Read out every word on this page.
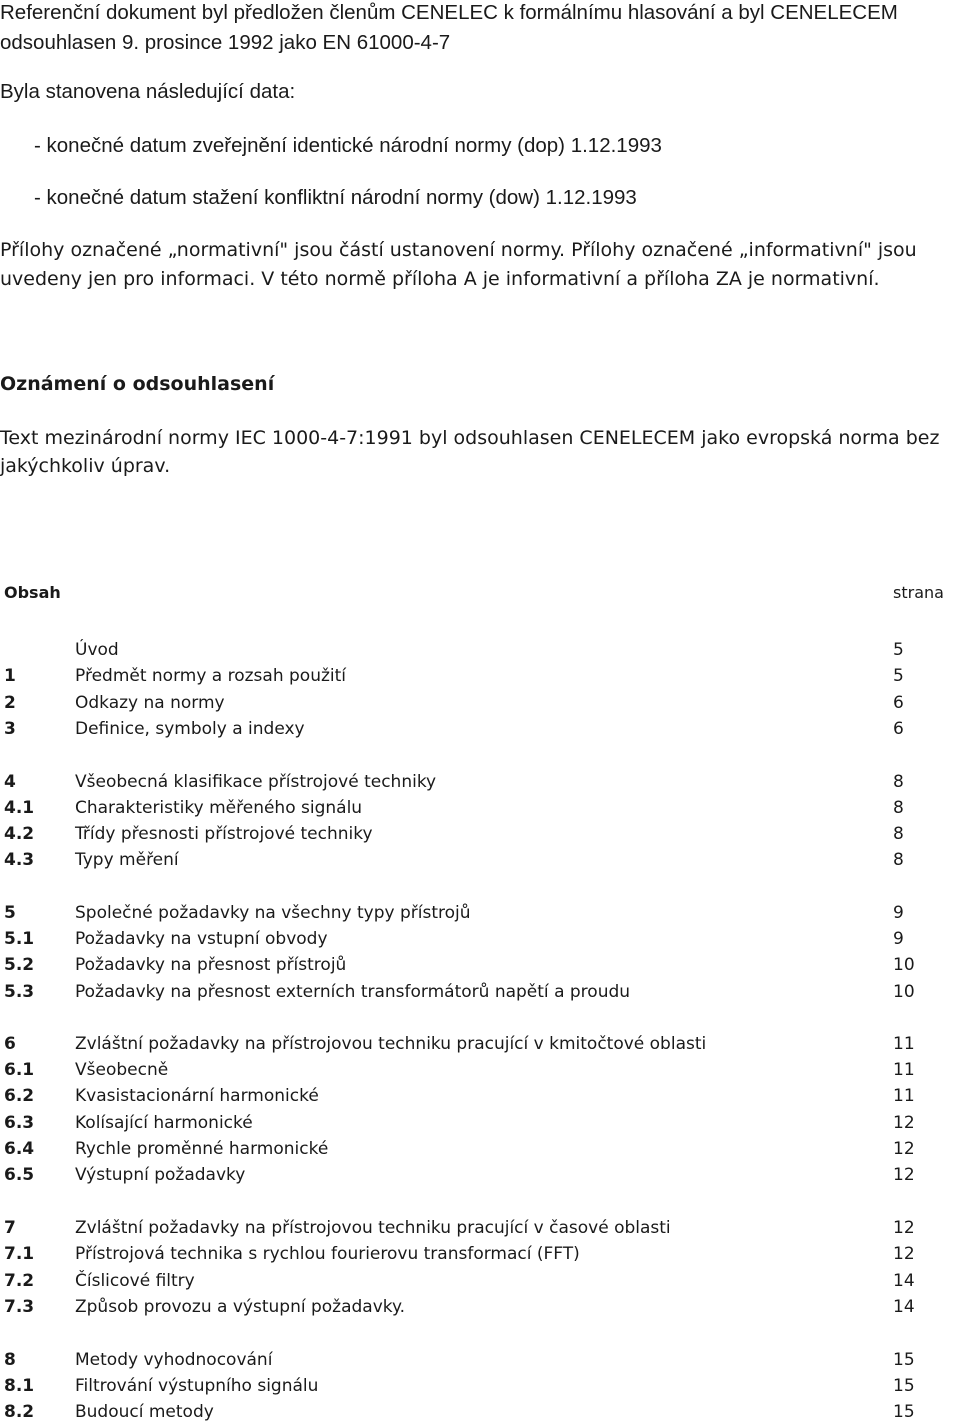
Referenční dokument byl předložen členům CENELEC k formálnímu hlasování a byl CENELECEM

odsouhlasen 9. prosince 1992 jako EN 61000-4-7

Byla stanovena následující data:

- konečné datum zveřejnění identické národní normy (dop) 1.12.1993

- konečné datum stažení konfliktní národní normy (dow) 1.12.1993

Přílohy označené „normativní" jsou částí ustanovení normy. Přílohy označené „informativní" jsou

uvedeny jen pro informaci. V této normě příloha A je informativní a příloha ZA je normativní.

Oznámení o odsouhlasení

Text mezinárodní normy IEC 1000-4-7:1991 byl odsouhlasen CENELECEM jako evropská norma bez

jakýchkoliv úprav.

Obsah	strana
Úvod	5
1	Předmět normy a rozsah použití	5
2	Odkazy na normy	6
3	Definice, symboly a indexy	6
4	Všeobecná klasifikace přístrojové techniky	8
4.1 Charakteristiky měřeného signálu	8
4.2 Třídy přesnosti přístrojové techniky	8
4.3 Typy měření	8
5	Společné požadavky na všechny typy přístrojů	9
5.1 Požadavky na vstupní obvody	9
5.2 Požadavky na přesnost přístrojů	10
5.3 Požadavky na přesnost externích transformátorů napětí a proudu	10
6	Zvláštní požadavky na přístrojovou techniku pracující v kmitočtové oblasti	11
6.1 Všeobecně	11
6.2 Kvasistacionární harmonické	11
6.3 Kolísající harmonické	12
6.4 Rychle proměnné harmonické	12
6.5 Výstupní požadavky	12
7	Zvláštní požadavky na přístrojovou techniku pracující v časové oblasti	12
7.1 Přístrojová technika s rychlou fourierovu transformací (FFT)	12
7.2 Číslicové filtry	14
7.3 Způsob provozu a výstupní požadavky.	14
8	Metody vyhodnocování	15
8.1 Filtrování výstupního signálu	15
8.2 Budoucí metody	15
